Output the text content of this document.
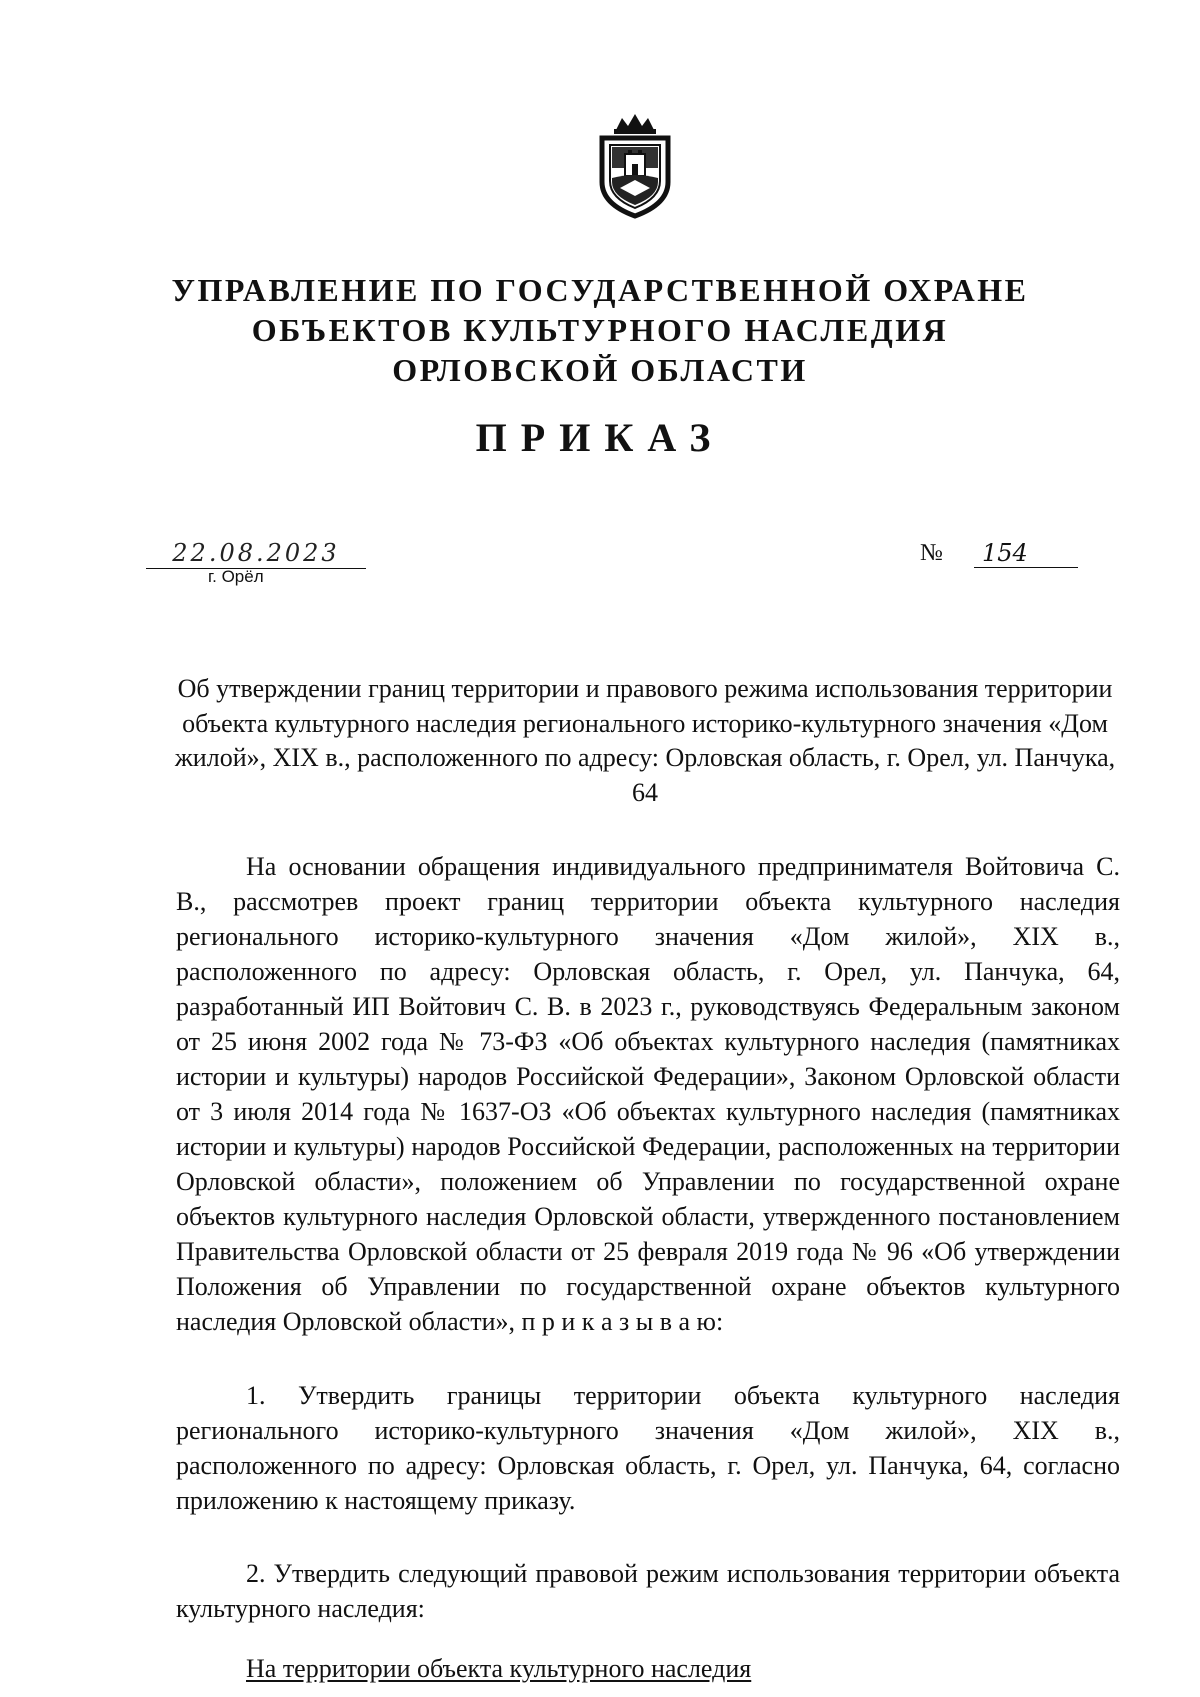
УПРАВЛЕНИЕ ПО ГОСУДАРСТВЕННОЙ ОХРАНЕ
ОБЪЕКТОВ КУЛЬТУРНОГО НАСЛЕДИЯ
ОРЛОВСКОЙ ОБЛАСТИ
ПРИКАЗ
22.08.2023
г. Орёл
№	154
Об утверждении границ территории и правового режима использования территории объекта культурного наследия регионального историко-культурного значения «Дом жилой», XIX в., расположенного по адресу: Орловская область, г. Орел, ул. Панчука, 64

На основании обращения индивидуального предпринимателя Войтовича С. В., рассмотрев проект границ территории объекта культурного наследия регионального историко-культурного значения «Дом жилой», XIX в., расположенного по адресу: Орловская область, г. Орел, ул. Панчука, 64, разработанный ИП Войтович С. В. в 2023 г., руководствуясь Федеральным законом от 25 июня 2002 года № 73-ФЗ «Об объектах культурного наследия (памятниках истории и культуры) народов Российской Федерации», Законом Орловской области от 3 июля 2014 года № 1637-ОЗ «Об объектах культурного наследия (памятниках истории и культуры) народов Российской Федерации, расположенных на территории Орловской области», положением об Управлении по государственной охране объектов культурного наследия Орловской области, утвержденного постановлением Правительства Орловской области от 25 февраля 2019 года № 96 «Об утверждении Положения об Управлении по государственной охране объектов культурного наследия Орловской области», п р и к а з ы в а ю:

1. Утвердить границы территории объекта культурного наследия регионального историко-культурного значения «Дом жилой», XIX в., расположенного по адресу: Орловская область, г. Орел, ул. Панчука, 64, согласно приложению к настоящему приказу.

2. Утвердить следующий правовой режим использования территории объекта культурного наследия:

На территории объекта культурного наследия
